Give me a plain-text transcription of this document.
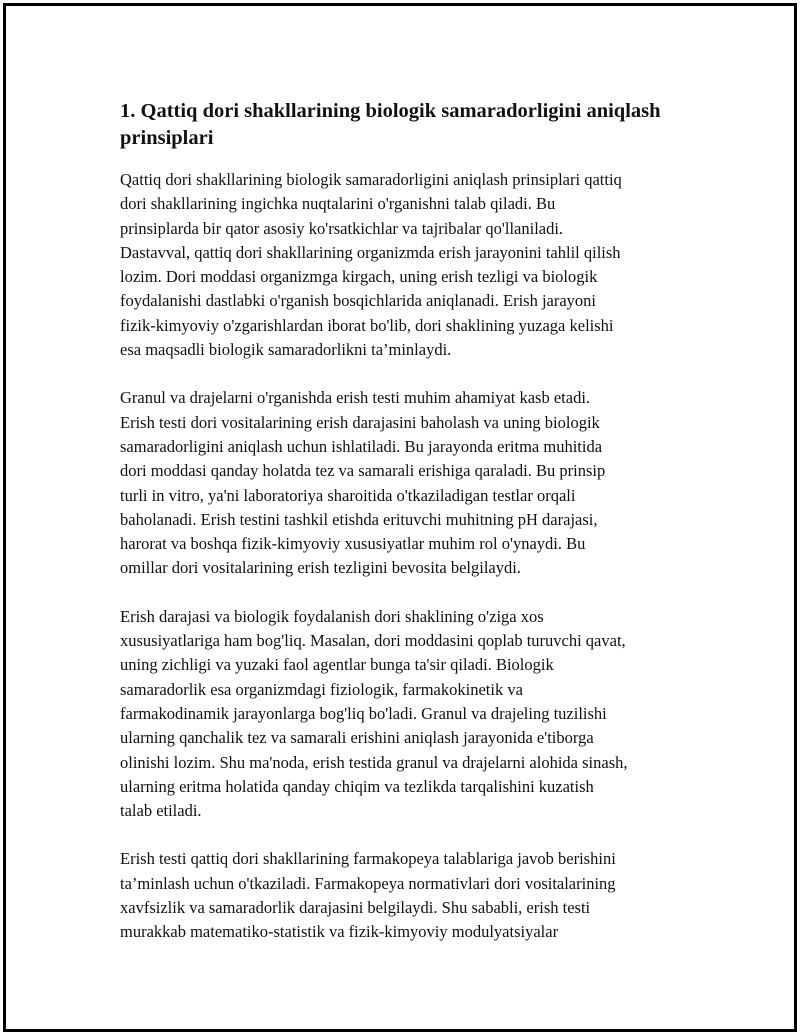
1. Qattiq dori shakllarining biologik samaradorligini aniqlash
prinsiplari

Qattiq dori shakllarining biologik samaradorligini aniqlash prinsiplari qattiq
dori shakllarining ingichka nuqtalarini o'rganishni talab qiladi. Bu
prinsiplarda bir qator asosiy ko'rsatkichlar va tajribalar qo'llaniladi.
Dastavval, qattiq dori shakllarining organizmda erish jarayonini tahlil qilish
lozim. Dori moddasi organizmga kirgach, uning erish tezligi va biologik
foydalanishi dastlabki o'rganish bosqichlarida aniqlanadi. Erish jarayoni
fizik-kimyoviy o'zgarishlardan iborat bo'lib, dori shaklining yuzaga kelishi
esa maqsadli biologik samaradorlikni ta’minlaydi.

Granul va drajelarni o'rganishda erish testi muhim ahamiyat kasb etadi.
Erish testi dori vositalarining erish darajasini baholash va uning biologik
samaradorligini aniqlash uchun ishlatiladi. Bu jarayonda eritma muhitida
dori moddasi qanday holatda tez va samarali erishiga qaraladi. Bu prinsip
turli in vitro, ya'ni laboratoriya sharoitida o'tkaziladigan testlar orqali
baholanadi. Erish testini tashkil etishda erituvchi muhitning pH darajasi,
harorat va boshqa fizik-kimyoviy xususiyatlar muhim rol o'ynaydi. Bu
omillar dori vositalarining erish tezligini bevosita belgilaydi.

Erish darajasi va biologik foydalanish dori shaklining o'ziga xos
xususiyatlariga ham bog'liq. Masalan, dori moddasini qoplab turuvchi qavat,
uning zichligi va yuzaki faol agentlar bunga ta'sir qiladi. Biologik
samaradorlik esa organizmdagi fiziologik, farmakokinetik va
farmakodinamik jarayonlarga bog'liq bo'ladi. Granul va drajeling tuzilishi
ularning qanchalik tez va samarali erishini aniqlash jarayonida e'tiborga
olinishi lozim. Shu ma'noda, erish testida granul va drajelarni alohida sinash,
ularning eritma holatida qanday chiqim va tezlikda tarqalishini kuzatish
talab etiladi.

Erish testi qattiq dori shakllarining farmakopeya talablariga javob berishini
ta’minlash uchun o'tkaziladi. Farmakopeya normativlari dori vositalarining
xavfsizlik va samaradorlik darajasini belgilaydi. Shu sababli, erish testi
murakkab matematiko-statistik va fizik-kimyoviy modulyatsiyalar
